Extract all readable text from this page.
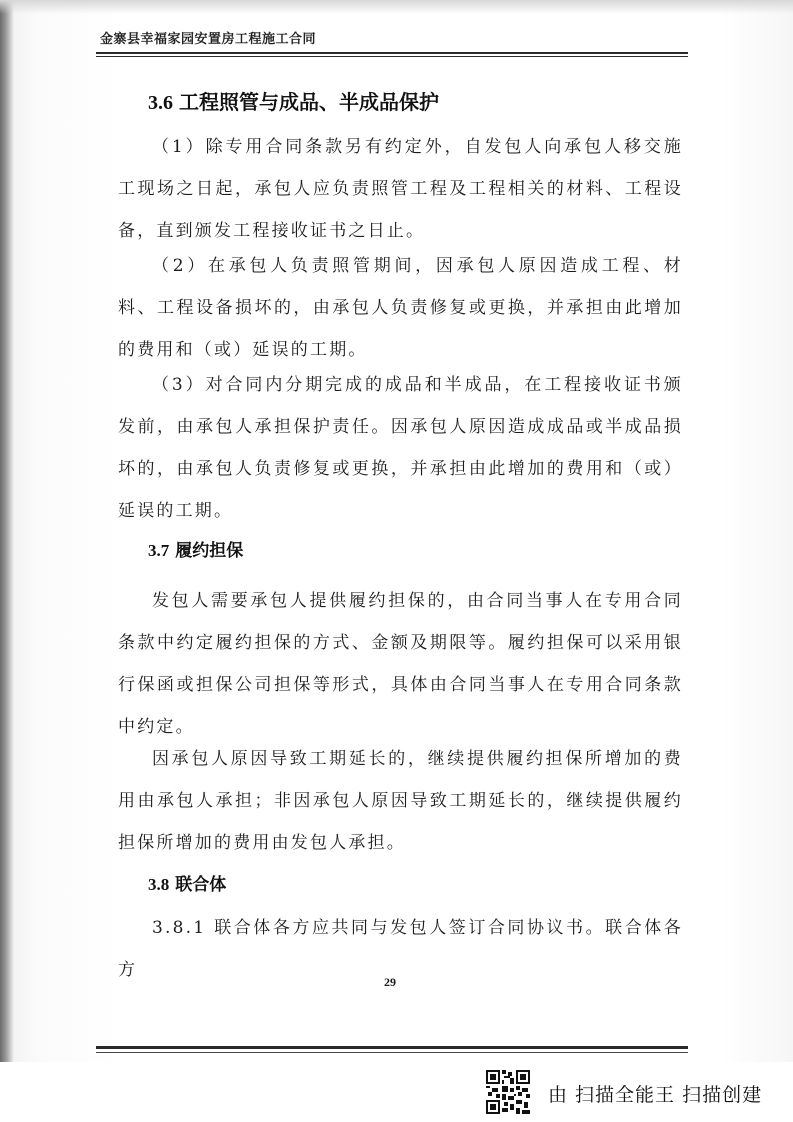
金寨县幸福家园安置房工程施工合同
3.6 工程照管与成品、半成品保护

（1）除专用合同条款另有约定外，自发包人向承包人移交施工现场之日起，承包人应负责照管工程及工程相关的材料、工程设备，直到颁发工程接收证书之日止。

（2）在承包人负责照管期间，因承包人原因造成工程、材料、工程设备损坏的，由承包人负责修复或更换，并承担由此增加的费用和（或）延误的工期。

（3）对合同内分期完成的成品和半成品，在工程接收证书颁发前，由承包人承担保护责任。因承包人原因造成成品或半成品损坏的，由承包人负责修复或更换，并承担由此增加的费用和（或）延误的工期。

3.7 履约担保

发包人需要承包人提供履约担保的，由合同当事人在专用合同条款中约定履约担保的方式、金额及期限等。履约担保可以采用银行保函或担保公司担保等形式，具体由合同当事人在专用合同条款中约定。

因承包人原因导致工期延长的，继续提供履约担保所增加的费用由承包人承担；非因承包人原因导致工期延长的，继续提供履约担保所增加的费用由发包人承担。

3.8 联合体

3.8.1 联合体各方应共同与发包人签订合同协议书。联合体各方

29
由 扫描全能王 扫描创建
